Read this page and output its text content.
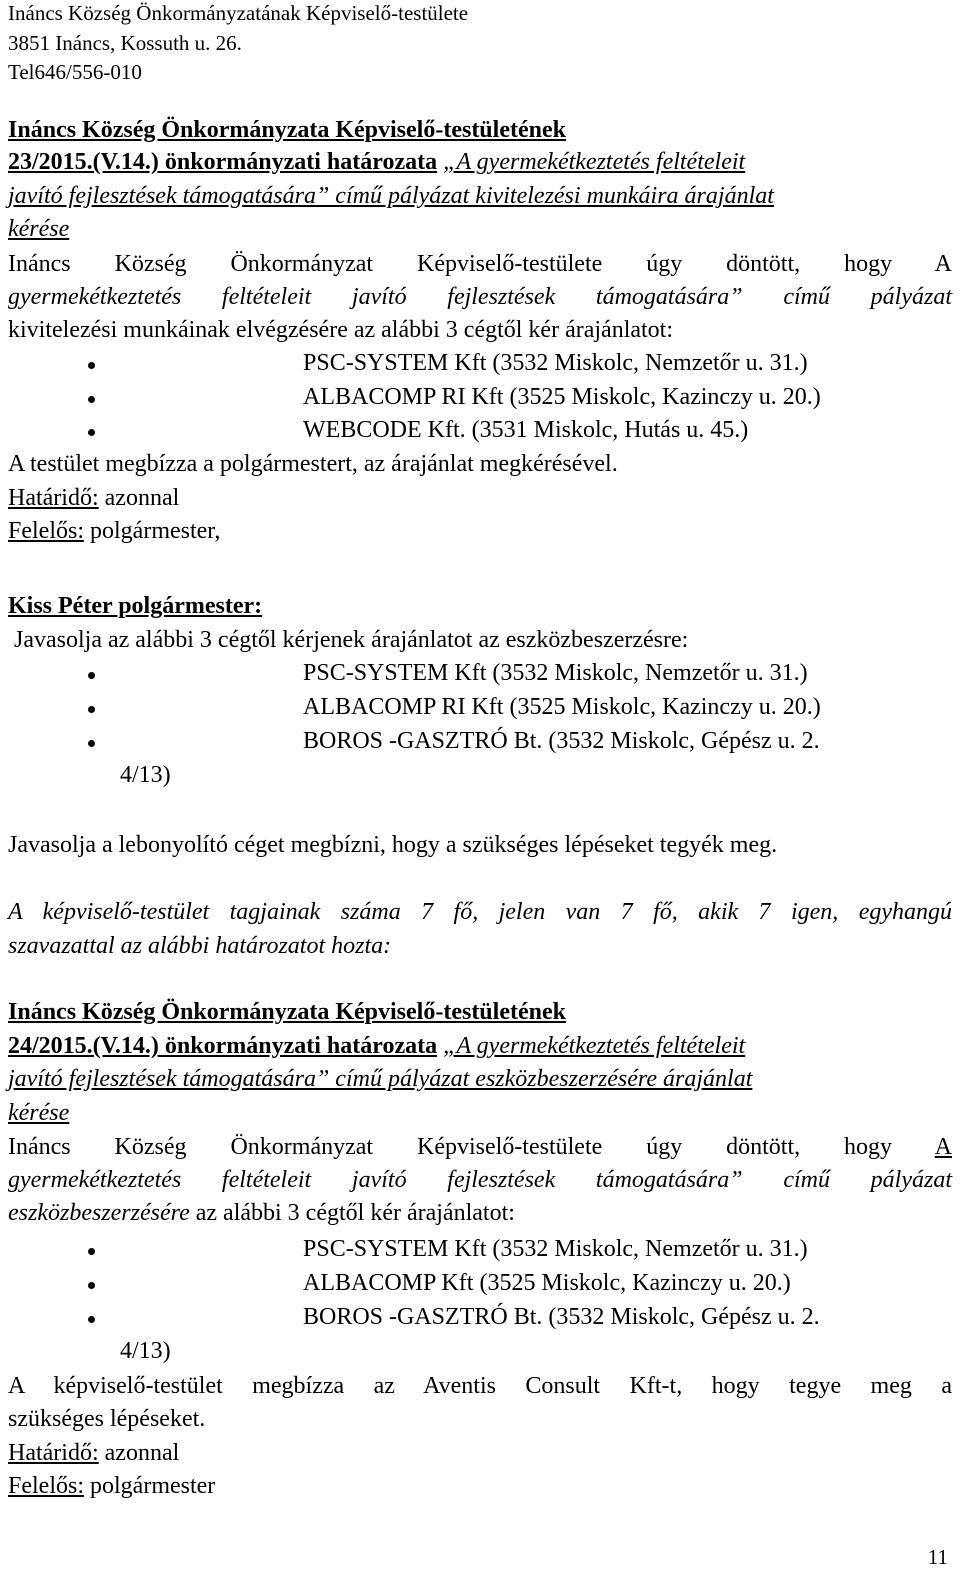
Ináncs Község Önkormányzatának Képviselő-testülete
3851 Ináncs, Kossuth u. 26.
Tel646/556-010
Ináncs Község Önkormányzata Képviselő-testületének
23/2015.(V.14.) önkormányzati határozata „A gyermekétkeztetés feltételeit
javító fejlesztések támogatására” című pályázat kivitelezési munkáira árajánlat
kérése
Ináncs Község Önkormányzat Képviselő-testülete úgy döntött, hogy A
gyermekétkeztetés feltételeit javító fejlesztések támogatására” című pályázat
kivitelezési munkáinak elvégzésére az alábbi 3 cégtől kér árajánlatot:
PSC-SYSTEM Kft (3532 Miskolc, Nemzetőr u. 31.)
ALBACOMP RI Kft (3525 Miskolc, Kazinczy u. 20.)
WEBCODE Kft. (3531 Miskolc, Hutás u. 45.)
A testület megbízza a polgármestert, az árajánlat megkérésével.
Határidő: azonnal
Felelős: polgármester,
Kiss Péter polgármester:
Javasolja az alábbi 3 cégtől kérjenek árajánlatot az eszközbeszerzésre:
PSC-SYSTEM Kft (3532 Miskolc, Nemzetőr u. 31.)
ALBACOMP RI Kft (3525 Miskolc, Kazinczy u. 20.)
BOROS -GASZTRÓ Bt. (3532 Miskolc, Gépész u. 2.
4/13)
Javasolja a lebonyolító céget megbízni, hogy a szükséges lépéseket tegyék meg.
A képviselő-testület tagjainak száma 7 fő, jelen van 7 fő, akik 7 igen, egyhangú
szavazattal az alábbi határozatot hozta:
Ináncs Község Önkormányzata Képviselő-testületének
24/2015.(V.14.) önkormányzati határozata „A gyermekétkeztetés feltételeit
javító fejlesztések támogatására” című pályázat eszközbeszerzésére árajánlat
kérése
Ináncs Község Önkormányzat Képviselő-testülete úgy döntött, hogy A
gyermekétkeztetés feltételeit javító fejlesztések támogatására” című pályázat
eszközbeszerzésére az alábbi 3 cégtől kér árajánlatot:
PSC-SYSTEM Kft (3532 Miskolc, Nemzetőr u. 31.)
ALBACOMP Kft (3525 Miskolc, Kazinczy u. 20.)
BOROS -GASZTRÓ Bt. (3532 Miskolc, Gépész u. 2.
4/13)
A képviselő-testület megbízza az Aventis Consult Kft-t, hogy tegye meg a
szükséges lépéseket.
Határidő: azonnal
Felelős: polgármester
11
